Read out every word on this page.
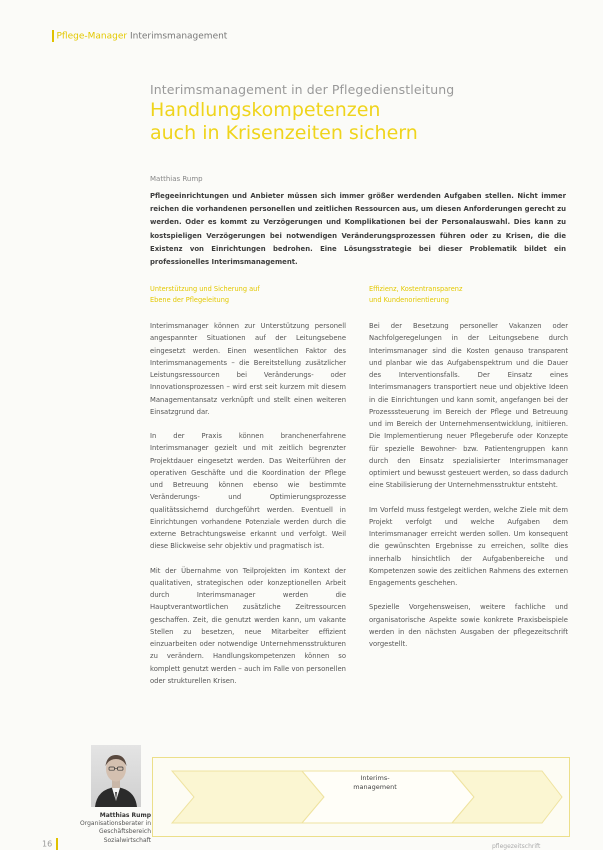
Pflege-Manager Interimsmanagement
Interimsmanagement in der Pflegedienstleitung
Handlungskompetenzen
auch in Krisenzeiten sichern
Matthias Rump

Pflegeeinrichtungen und Anbieter müssen sich immer größer werdenden Aufgaben stellen. Nicht immer reichen die vorhandenen personellen und zeitlichen Ressourcen aus, um diesen Anforderungen gerecht zu werden. Oder es kommt zu Verzögerungen und Komplikationen bei der Personalauswahl. Dies kann zu kostspieligen Verzögerungen bei notwendigen Veränderungsprozessen führen oder zu Krisen, die die Existenz von Einrichtungen bedrohen. Eine Lösungsstrategie bei dieser Problematik bildet ein professionelles Interimsmanagement.

Unterstützung und Sicherung auf
Ebene der Pflegeleitung

Interimsmanager können zur Unterstützung personell angespannter Situationen auf der Leitungsebene eingesetzt werden. Einen wesentlichen Faktor des Interimsmanagements – die Bereitstellung zusätzlicher Leistungsressourcen bei Veränderungs- oder Innovationsprozessen – wird erst seit kurzem mit diesem Managementansatz verknüpft und stellt einen weiteren Einsatzgrund dar.

In der Praxis können branchenerfahrene Interimsmanager gezielt und mit zeitlich begrenzter Projektdauer eingesetzt werden. Das Weiterführen der operativen Geschäfte und die Koordination der Pflege und Betreuung können ebenso wie bestimmte Veränderungs- und Optimierungsprozesse qualitätssichernd durchgeführt werden. Eventuell in Einrichtungen vorhandene Potenziale werden durch die externe Betrachtungsweise erkannt und verfolgt. Weil diese Blickweise sehr objektiv und pragmatisch ist.

Mit der Übernahme von Teilprojekten im Kontext der qualitativen, strategischen oder konzeptionellen Arbeit durch Interimsmanager werden die Hauptverantwortlichen zusätzliche Zeitressourcen geschaffen. Zeit, die genutzt werden kann, um vakante Stellen zu besetzen, neue Mitarbeiter effizient einzuarbeiten oder notwendige Unternehmensstrukturen zu verändern. Handlungskompetenzen können so komplett genutzt werden – auch im Falle von personellen oder strukturellen Krisen.

Effizienz, Kostentransparenz
und Kundenorientierung

Bei der Besetzung personeller Vakanzen oder Nachfolgeregelungen in der Leitungsebene durch Interimsmanager sind die Kosten genauso transparent und planbar wie das Aufgabenspektrum und die Dauer des Interventionsfalls. Der Einsatz eines Interimsmanagers transportiert neue und objektive Ideen in die Einrichtungen und kann somit, angefangen bei der Prozesssteuerung im Bereich der Pflege und Betreuung und im Bereich der Unternehmensentwicklung, initiieren. Die Implementierung neuer Pflegeberufe oder Konzepte für spezielle Bewohner- bzw. Patientengruppen kann durch den Einsatz spezialisierter Interimsmanager optimiert und bewusst gesteuert werden, so dass dadurch eine Stabilisierung der Unternehmensstruktur entsteht.

Im Vorfeld muss festgelegt werden, welche Ziele mit dem Projekt verfolgt und welche Aufgaben dem Interimsmanager erreicht werden sollen. Um konsequent die gewünschten Ergebnisse zu erreichen, sollte dies innerhalb hinsichtlich der Aufgabenbereiche und Kompetenzen sowie des zeitlichen Rahmens des externen Engagements geschehen.

Spezielle Vorgehensweisen, weitere fachliche und organisatorische Aspekte sowie konkrete Praxisbeispiele werden in den nächsten Ausgaben der pflegezeitschrift vorgestellt.

Matthias Rump
Organisationsberater in
Geschäftsbereich
Sozialwirtschaft
Interims-
management
16	pflegezeitschrift
